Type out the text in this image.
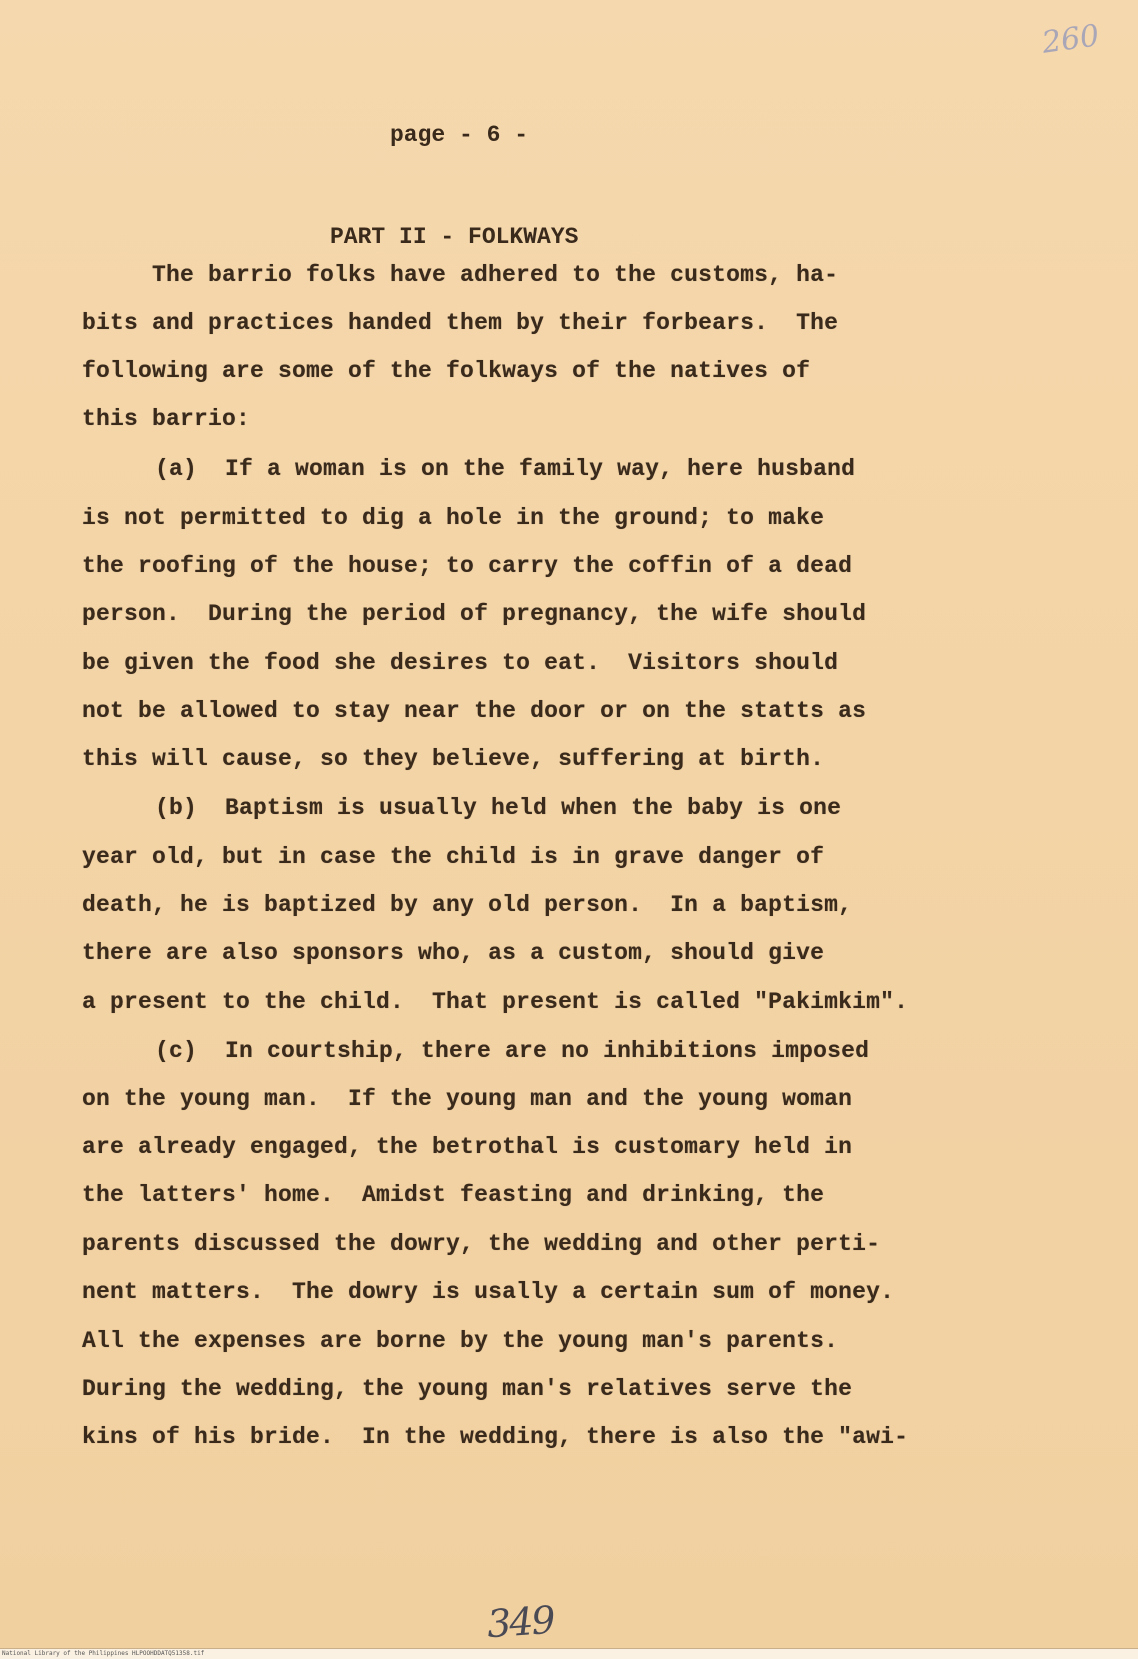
260
page - 6 -
PART II - FOLKWAYS
The barrio folks have adhered to the customs, ha-
bits and practices handed them by their forbears.  The
following are some of the folkways of the natives of
this barrio:
(a)  If a woman is on the family way, here husband
is not permitted to dig a hole in the ground; to make
the roofing of the house; to carry the coffin of a dead
person.  During the period of pregnancy, the wife should
be given the food she desires to eat.  Visitors should
not be allowed to stay near the door or on the statts as
this will cause, so they believe, suffering at birth.
(b)  Baptism is usually held when the baby is one
year old, but in case the child is in grave danger of
death, he is baptized by any old person.  In a baptism,
there are also sponsors who, as a custom, should give
a present to the child.  That present is called "Pakimkim".
(c)  In courtship, there are no inhibitions imposed
on the young man.  If the young man and the young woman
are already engaged, the betrothal is customary held in
the latters' home.  Amidst feasting and drinking, the
parents discussed the dowry, the wedding and other perti-
nent matters.  The dowry is usally a certain sum of money.
All the expenses are borne by the young man's parents.
During the wedding, the young man's relatives serve the
kins of his bride.  In the wedding, there is also the "awi-
349
National Library of the Philippines HLPOOHDDATQ51358.tif
